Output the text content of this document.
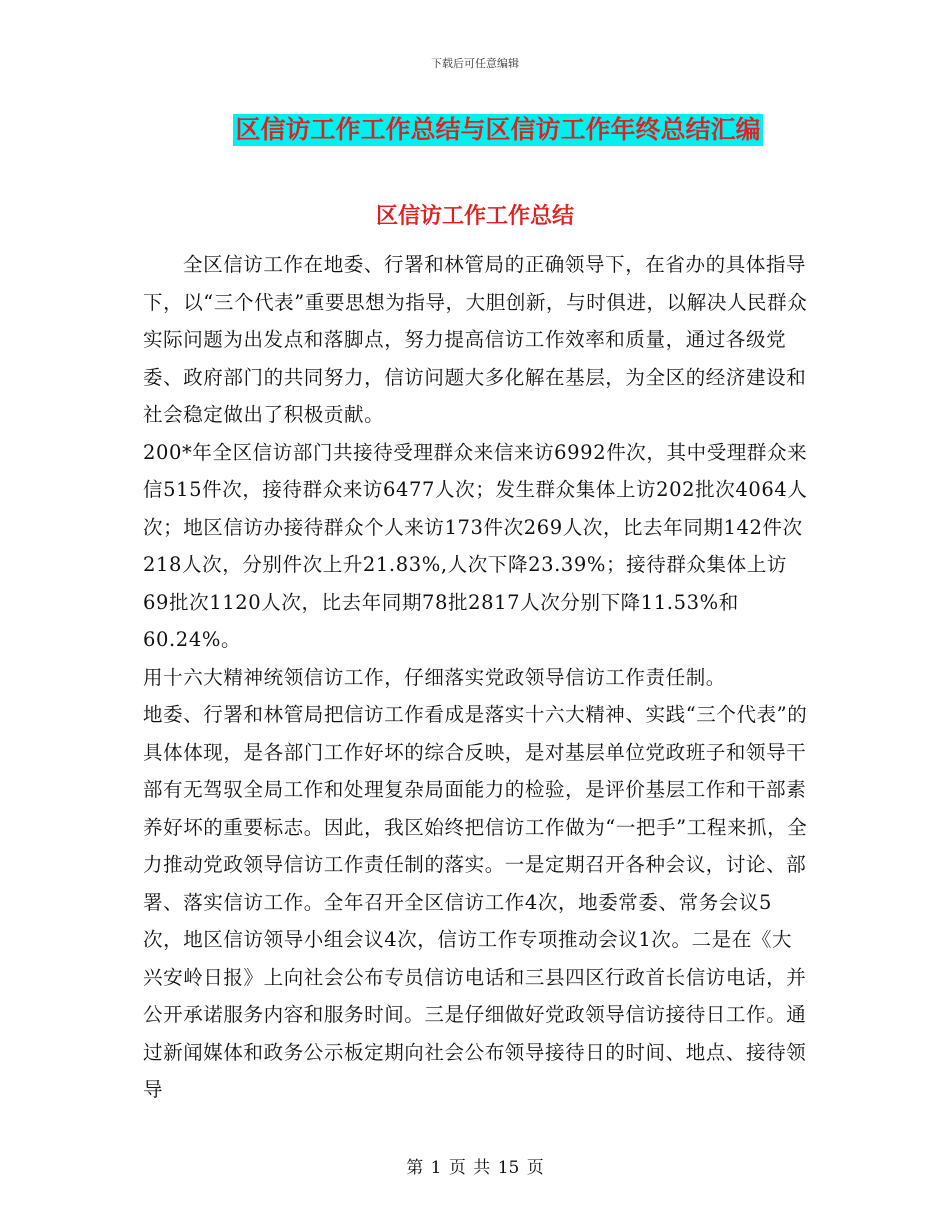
下载后可任意编辑
区信访工作工作总结与区信访工作年终总结汇编
区信访工作工作总结

全区信访工作在地委、行署和林管局的正确领导下，在省办的具体指导下，以“三个代表”重要思想为指导，大胆创新，与时俱进，以解决人民群众实际问题为出发点和落脚点，努力提高信访工作效率和质量，通过各级党委、政府部门的共同努力，信访问题大多化解在基层，为全区的经济建设和社会稳定做出了积极贡献。

200*年全区信访部门共接待受理群众来信来访6992件次，其中受理群众来信515件次，接待群众来访6477人次；发生群众集体上访202批次4064人次；地区信访办接待群众个人来访173件次269人次，比去年同期142件次218人次，分别件次上升21.83%,人次下降23.39%；接待群众集体上访69批次1120人次，比去年同期78批2817人次分别下降11.53%和60.24%。

用十六大精神统领信访工作，仔细落实党政领导信访工作责任制。

地委、行署和林管局把信访工作看成是落实十六大精神、实践“三个代表”的具体体现，是各部门工作好坏的综合反映，是对基层单位党政班子和领导干部有无驾驭全局工作和处理复杂局面能力的检验，是评价基层工作和干部素养好坏的重要标志。因此，我区始终把信访工作做为“一把手”工程来抓，全力推动党政领导信访工作责任制的落实。一是定期召开各种会议，讨论、部署、落实信访工作。全年召开全区信访工作4次，地委常委、常务会议5次，地区信访领导小组会议4次，信访工作专项推动会议1次。二是在《大兴安岭日报》上向社会公布专员信访电话和三县四区行政首长信访电话，并公开承诺服务内容和服务时间。三是仔细做好党政领导信访接待日工作。通过新闻媒体和政务公示板定期向社会公布领导接待日的时间、地点、接待领导

第 1 页 共 15 页
